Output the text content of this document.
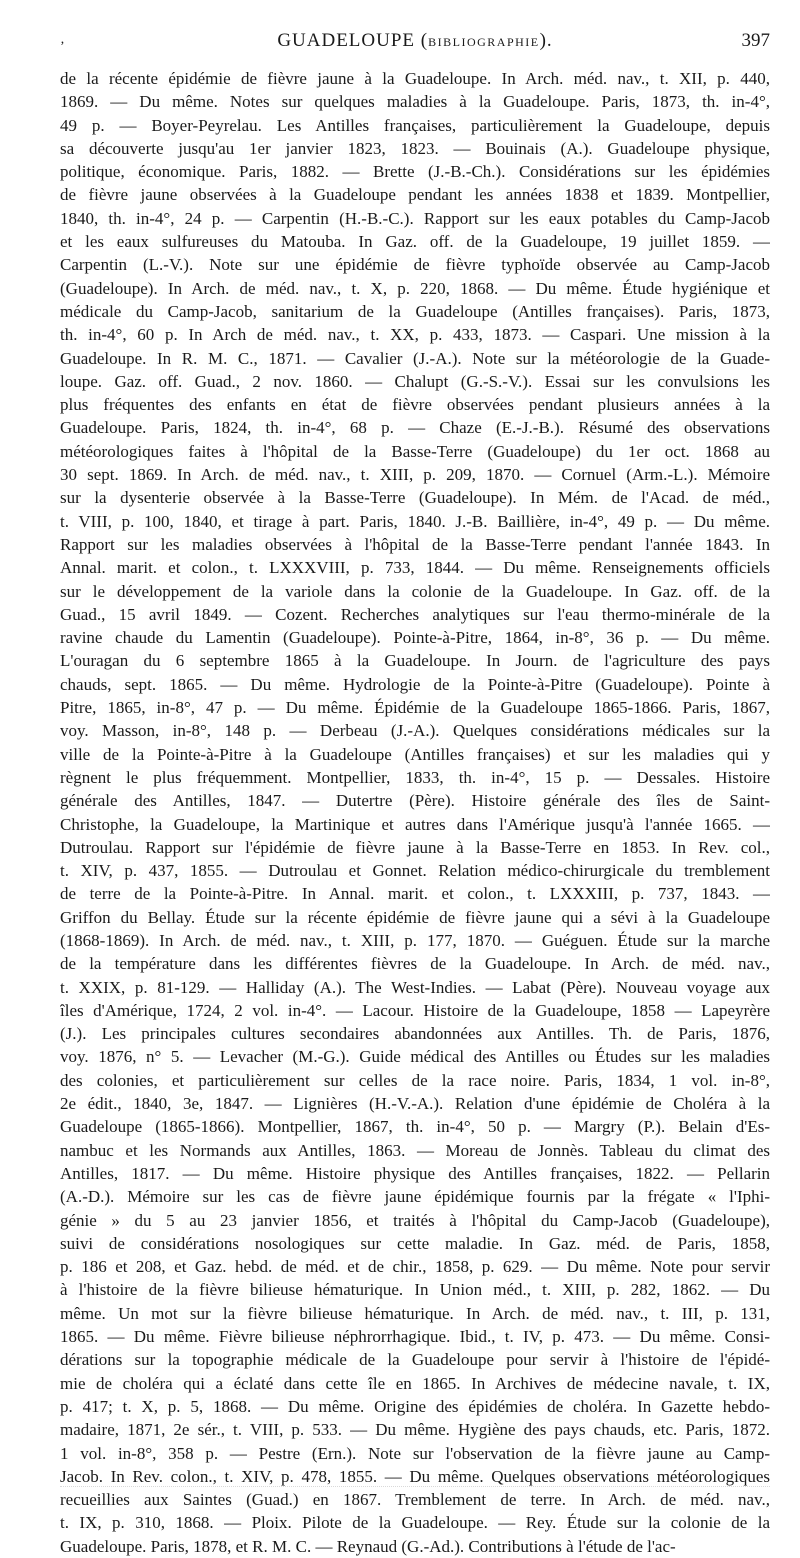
‚	GUADELOUPE (BIBLIOGRAPHIE).	397
de la récente épidémie de fièvre jaune à la Guadeloupe. In Arch. méd. nav., t. XII, p. 440,
1869. — Du même. Notes sur quelques maladies à la Guadeloupe. Paris, 1873, th. in-4°,
49 p. — Boyer-Peyrelau. Les Antilles françaises, particulièrement la Guadeloupe, depuis
sa découverte jusqu'au 1er janvier 1823, 1823. — Bouinais (A.). Guadeloupe physique,
politique, économique. Paris, 1882. — Brette (J.-B.-Ch.). Considérations sur les épidémies
de fièvre jaune observées à la Guadeloupe pendant les années 1838 et 1839. Montpellier,
1840, th. in-4°, 24 p. — Carpentin (H.-B.-C.). Rapport sur les eaux potables du Camp-Jacob
et les eaux sulfureuses du Matouba. In Gaz. off. de la Guadeloupe, 19 juillet 1859. —
Carpentin (L.-V.). Note sur une épidémie de fièvre typhoïde observée au Camp-Jacob
(Guadeloupe). In Arch. de méd. nav., t. X, p. 220, 1868. — Du même. Étude hygiénique et
médicale du Camp-Jacob, sanitarium de la Guadeloupe (Antilles françaises). Paris, 1873,
th. in-4°, 60 p. In Arch de méd. nav., t. XX, p. 433, 1873. — Caspari. Une mission à la
Guadeloupe. In R. M. C., 1871. — Cavalier (J.-A.). Note sur la météorologie de la Guade-
loupe. Gaz. off. Guad., 2 nov. 1860. — Chalupt (G.-S.-V.). Essai sur les convulsions les
plus fréquentes des enfants en état de fièvre observées pendant plusieurs années à la
Guadeloupe. Paris, 1824, th. in-4°, 68 p. — Chaze (E.-J.-B.). Résumé des observations
météorologiques faites à l'hôpital de la Basse-Terre (Guadeloupe) du 1er oct. 1868 au
30 sept. 1869. In Arch. de méd. nav., t. XIII, p. 209, 1870. — Cornuel (Arm.-L.). Mémoire
sur la dysenterie observée à la Basse-Terre (Guadeloupe). In Mém. de l'Acad. de méd.,
t. VIII, p. 100, 1840, et tirage à part. Paris, 1840. J.-B. Baillière, in-4°, 49 p. — Du même.
Rapport sur les maladies observées à l'hôpital de la Basse-Terre pendant l'année 1843. In
Annal. marit. et colon., t. LXXXVIII, p. 733, 1844. — Du même. Renseignements officiels
sur le développement de la variole dans la colonie de la Guadeloupe. In Gaz. off. de la
Guad., 15 avril 1849. — Cozent. Recherches analytiques sur l'eau thermo-minérale de la
ravine chaude du Lamentin (Guadeloupe). Pointe-à-Pitre, 1864, in-8°, 36 p. — Du même.
L'ouragan du 6 septembre 1865 à la Guadeloupe. In Journ. de l'agriculture des pays
chauds, sept. 1865. — Du même. Hydrologie de la Pointe-à-Pitre (Guadeloupe). Pointe à
Pitre, 1865, in-8°, 47 p. — Du même. Épidémie de la Guadeloupe 1865-1866. Paris, 1867,
voy. Masson, in-8°, 148 p. — Derbeau (J.-A.). Quelques considérations médicales sur la
ville de la Pointe-à-Pitre à la Guadeloupe (Antilles françaises) et sur les maladies qui y
règnent le plus fréquemment. Montpellier, 1833, th. in-4°, 15 p. — Dessales. Histoire
générale des Antilles, 1847. — Dutertre (Père). Histoire générale des îles de Saint-
Christophe, la Guadeloupe, la Martinique et autres dans l'Amérique jusqu'à l'année 1665. —
Dutroulau. Rapport sur l'épidémie de fièvre jaune à la Basse-Terre en 1853. In Rev. col.,
t. XIV, p. 437, 1855. — Dutroulau et Gonnet. Relation médico-chirurgicale du tremblement
de terre de la Pointe-à-Pitre. In Annal. marit. et colon., t. LXXXIII, p. 737, 1843. —
Griffon du Bellay. Étude sur la récente épidémie de fièvre jaune qui a sévi à la Guadeloupe
(1868-1869). In Arch. de méd. nav., t. XIII, p. 177, 1870. — Guéguen. Étude sur la marche
de la température dans les différentes fièvres de la Guadeloupe. In Arch. de méd. nav.,
t. XXIX, p. 81-129. — Halliday (A.). The West-Indies. — Labat (Père). Nouveau voyage aux
îles d'Amérique, 1724, 2 vol. in-4°. — Lacour. Histoire de la Guadeloupe, 1858 — Lapeyrère
(J.). Les principales cultures secondaires abandonnées aux Antilles. Th. de Paris, 1876,
voy. 1876, n° 5. — Levacher (M.-G.). Guide médical des Antilles ou Études sur les maladies
des colonies, et particulièrement sur celles de la race noire. Paris, 1834, 1 vol. in-8°,
2e édit., 1840, 3e, 1847. — Lignières (H.-V.-A.). Relation d'une épidémie de Choléra à la
Guadeloupe (1865-1866). Montpellier, 1867, th. in-4°, 50 p. — Margry (P.). Belain d'Es-
nambuc et les Normands aux Antilles, 1863. — Moreau de Jonnès. Tableau du climat des
Antilles, 1817. — Du même. Histoire physique des Antilles françaises, 1822. — Pellarin
(A.-D.). Mémoire sur les cas de fièvre jaune épidémique fournis par la frégate « l'Iphi-
génie » du 5 au 23 janvier 1856, et traités à l'hôpital du Camp-Jacob (Guadeloupe),
suivi de considérations nosologiques sur cette maladie. In Gaz. méd. de Paris, 1858,
p. 186 et 208, et Gaz. hebd. de méd. et de chir., 1858, p. 629. — Du même. Note pour servir
à l'histoire de la fièvre bilieuse hématurique. In Union méd., t. XIII, p. 282, 1862. — Du
même. Un mot sur la fièvre bilieuse hématurique. In Arch. de méd. nav., t. III, p. 131,
1865. — Du même. Fièvre bilieuse néphrorrhagique. Ibid., t. IV, p. 473. — Du même. Consi-
dérations sur la topographie médicale de la Guadeloupe pour servir à l'histoire de l'épidé-
mie de choléra qui a éclaté dans cette île en 1865. In Archives de médecine navale, t. IX,
p. 417; t. X, p. 5, 1868. — Du même. Origine des épidémies de choléra. In Gazette hebdo-
madaire, 1871, 2e sér., t. VIII, p. 533. — Du même. Hygiène des pays chauds, etc. Paris, 1872.
1 vol. in-8°, 358 p. — Pestre (Ern.). Note sur l'observation de la fièvre jaune au Camp-
Jacob. In Rev. colon., t. XIV, p. 478, 1855. — Du même. Quelques observations météorologiques
recueillies aux Saintes (Guad.) en 1867. Tremblement de terre. In Arch. de méd. nav.,
t. IX, p. 310, 1868. — Ploix. Pilote de la Guadeloupe. — Rey. Étude sur la colonie de la
Guadeloupe. Paris, 1878, et R. M. C. — Reynaud (G.-Ad.). Contributions à l'étude de l'ac-
